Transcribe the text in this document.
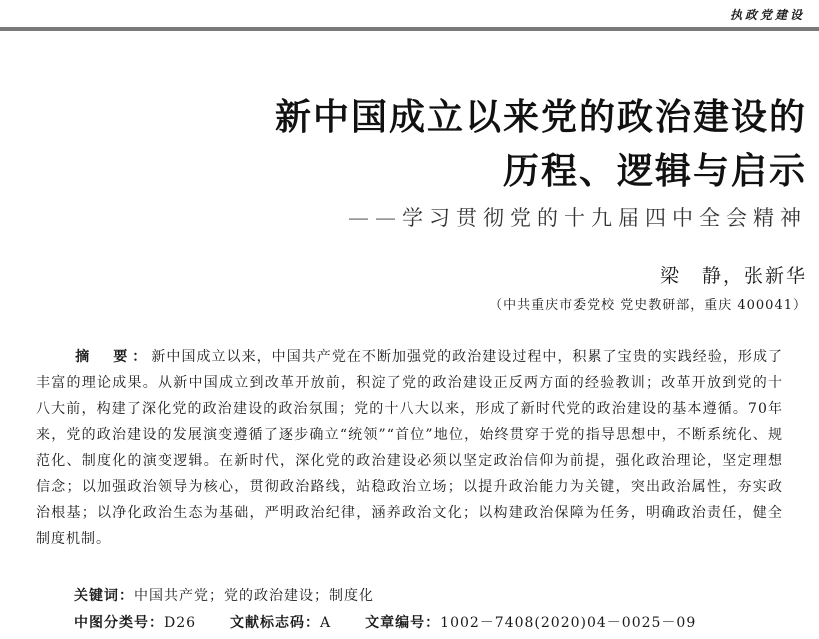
执政党建设
新中国成立以来党的政治建设的
历程、逻辑与启示
——学习贯彻党的十九届四中全会精神
梁　静，张新华
（中共重庆市委党校 党史教研部，重庆 400041）
摘　要：新中国成立以来，中国共产党在不断加强党的政治建设过程中，积累了宝贵的实践经验，形成了丰富的理论成果。从新中国成立到改革开放前，积淀了党的政治建设正反两方面的经验教训；改革开放到党的十八大前，构建了深化党的政治建设的政治氛围；党的十八大以来，形成了新时代党的政治建设的基本遵循。70年来，党的政治建设的发展演变遵循了逐步确立“统领”“首位”地位，始终贯穿于党的指导思想中，不断系统化、规范化、制度化的演变逻辑。在新时代，深化党的政治建设必须以坚定政治信仰为前提，强化政治理论，坚定理想信念；以加强政治领导为核心，贯彻政治路线，站稳政治立场；以提升政治能力为关键，突出政治属性，夯实政治根基；以净化政治生态为基础，严明政治纪律，涵养政治文化；以构建政治保障为任务，明确政治责任，健全制度机制。
关键词：中国共产党；党的政治建设；制度化
中图分类号：D26 文献标志码：A 文章编号：1002－7408(2020)04－0025－09
